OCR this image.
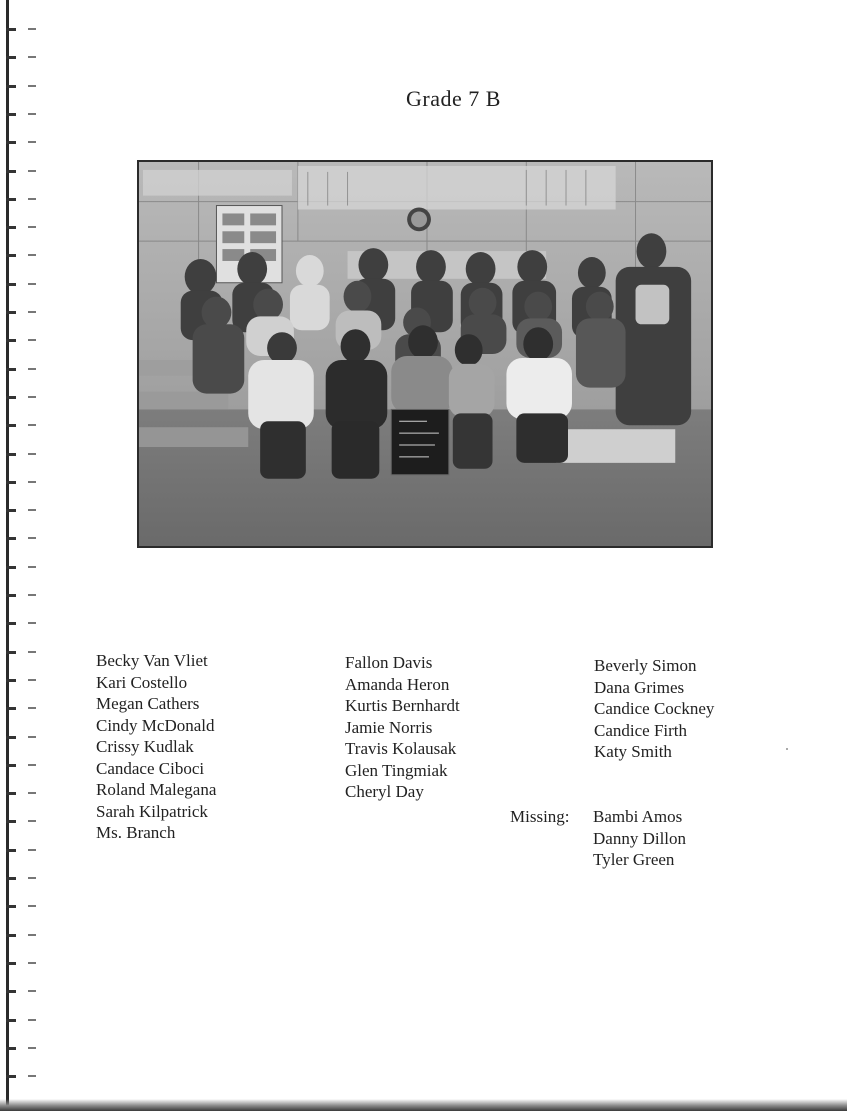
Grade 7 B
Becky Van Vliet
Kari Costello
Megan Cathers
Cindy McDonald
Crissy Kudlak
Candace Ciboci
Roland Malegana
Sarah Kilpatrick
Ms. Branch
Fallon Davis
Amanda Heron
Kurtis Bernhardt
Jamie Norris
Travis Kolausak
Glen Tingmiak
Cheryl Day
Beverly Simon
Dana Grimes
Candice Cockney
Candice Firth
Katy Smith
Missing: Bambi Amos
Danny Dillon
Tyler Green
